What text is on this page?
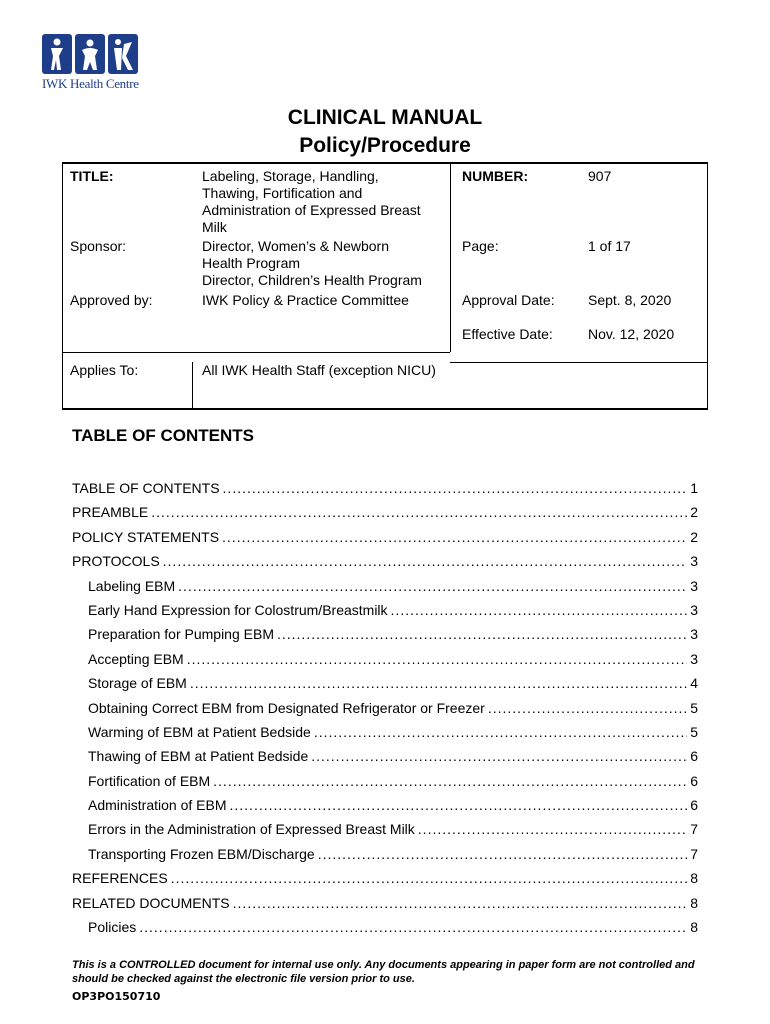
IWK Health Centre
CLINICAL MANUAL
Policy/Procedure
TITLE:	Labeling, Storage, Handling,
Thawing, Fortification and
Administration of Expressed Breast
Milk
NUMBER:	907
Sponsor:	Director, Women’s & Newborn
Health Program
Director, Children’s Health Program
Page:	1 of 17
Approved by:	IWK Policy & Practice Committee	Approval Date: Sept. 8, 2020
Effective Date:	Nov. 12, 2020
Applies To:	All IWK Health Staff (exception NICU)
TABLE OF CONTENTS
TABLE OF CONTENTS .....	1
PREAMBLE .....	2
POLICY STATEMENTS .....	2
PROTOCOLS .....	3
Labeling EBM .....	3
Early Hand Expression for Colostrum/Breastmilk .....	3
Preparation for Pumping EBM .....	3
Accepting EBM .....	3
Storage of EBM .....	4
Obtaining Correct EBM from Designated Refrigerator or Freezer .....	5
Warming of EBM at Patient Bedside .....	5
Thawing of EBM at Patient Bedside .....	6
Fortification of EBM .....	6
Administration of EBM .....	6
Errors in the Administration of Expressed Breast Milk .....	7
Transporting Frozen EBM/Discharge .....	7
REFERENCES .....	8
RELATED DOCUMENTS .....	8
Policies .....	8
This is a CONTROLLED document for internal use only. Any documents appearing in paper form are not controlled and should be checked against the electronic file version prior to use.
OP3PO150710
